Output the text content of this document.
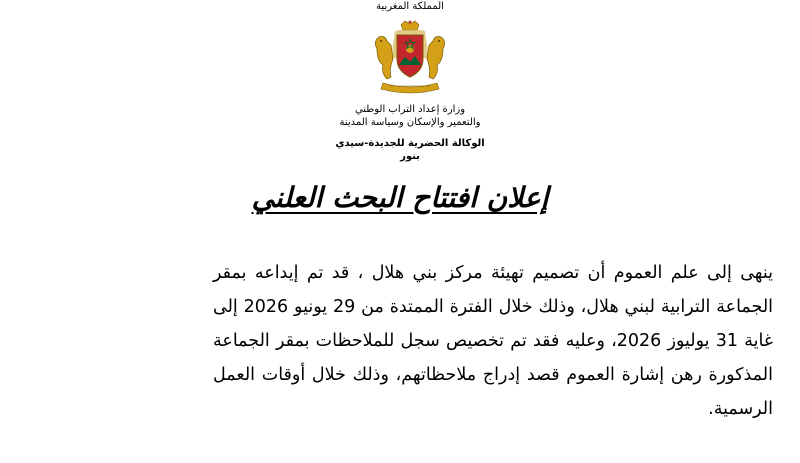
المملكة المغربية
وزارة إعداد التراب الوطني
والتعمير والإسكان وسياسة المدينة
الوكالة الحضرية للجديدة-سيدي بنور
إعلان افتتاح البحث العلني
ينهى إلى علم العموم أن تصميم تهيئة مركز بني هلال ، قد تم إيداعه بمقر الجماعة الترابية لبني هلال، وذلك خلال الفترة الممتدة من 29 يونيو 2026 إلى غاية 31 يوليوز 2026، وعليه فقد تم تخصيص سجل للملاحظات بمقر الجماعة المذكورة رهن إشارة العموم قصد إدراج ملاحظاتهم، وذلك خلال أوقات العمل الرسمية.
